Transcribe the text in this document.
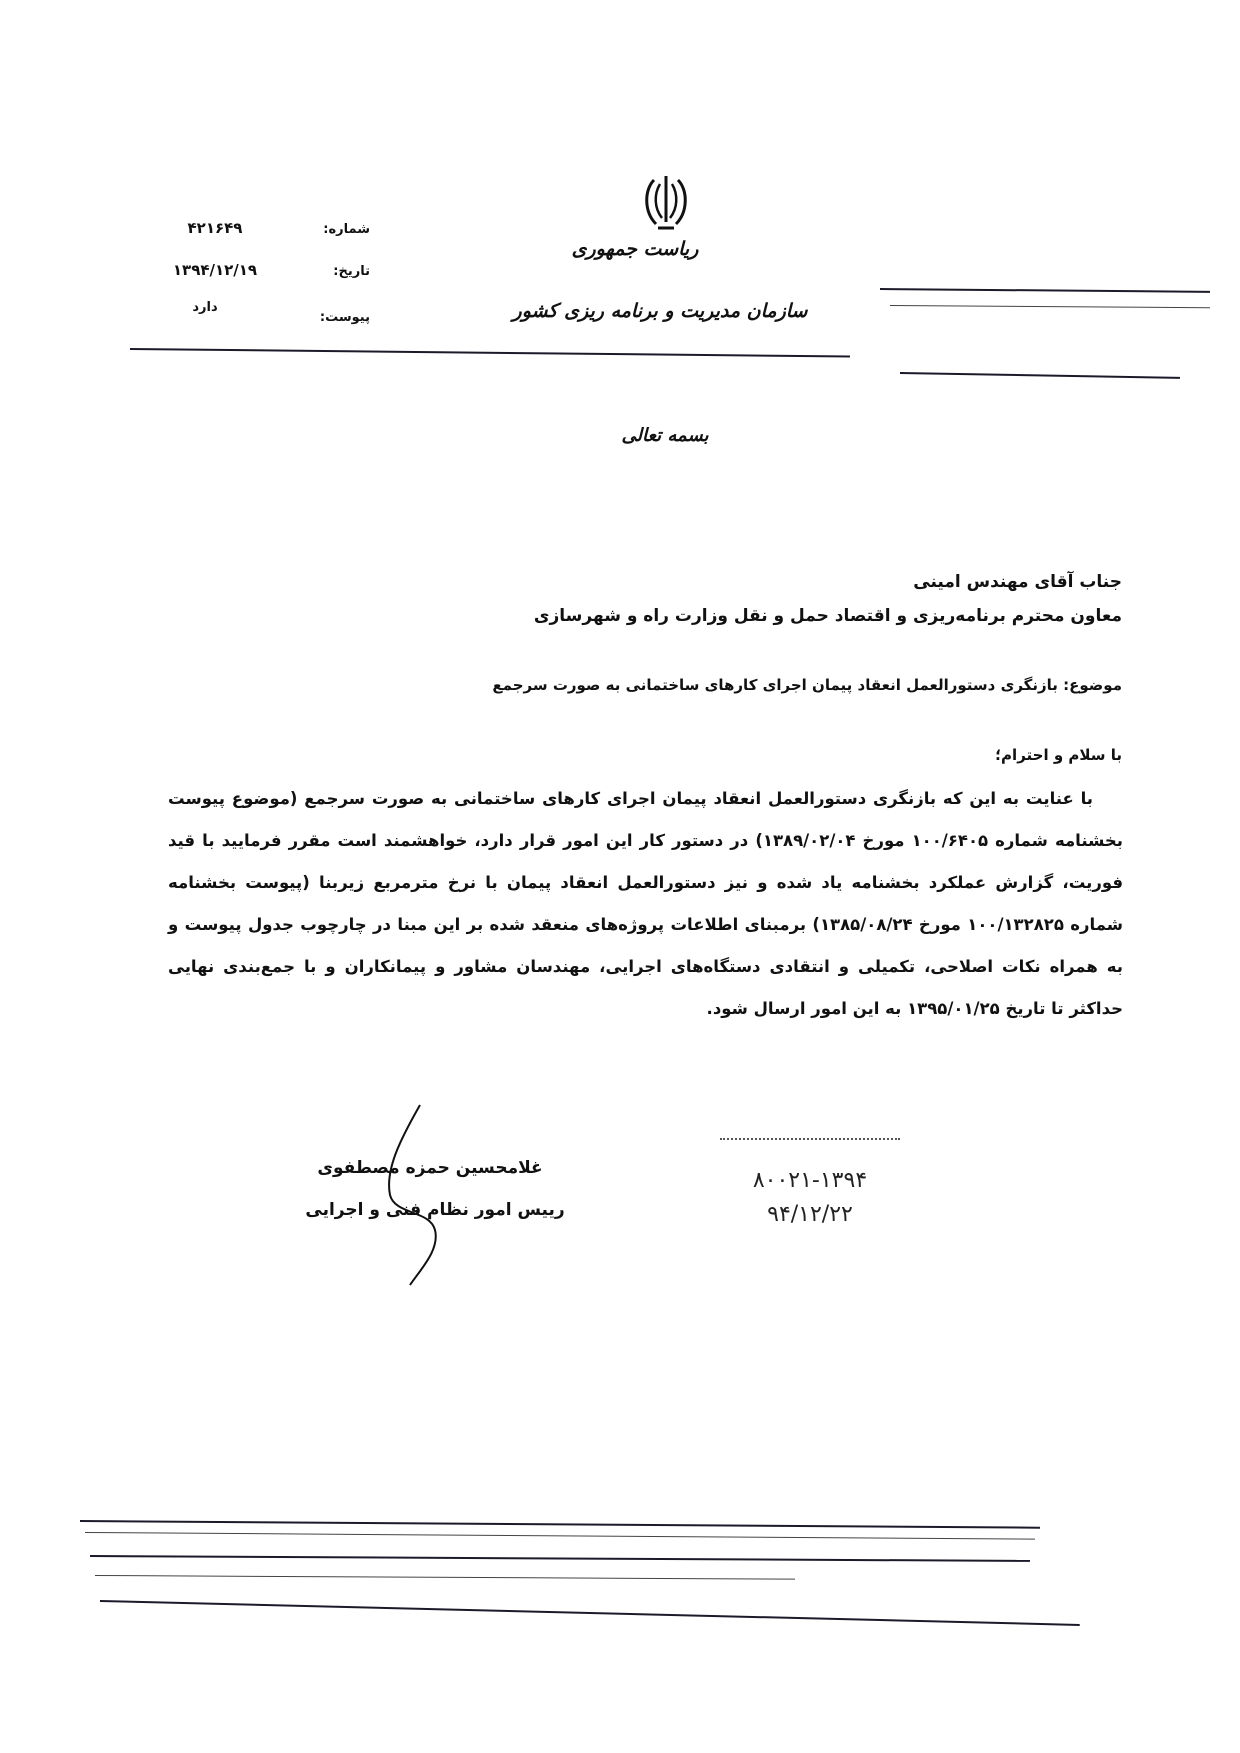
ریاست جمهوری
سازمان مدیریت و برنامه ریزی کشور
شماره:
۴۲۱۶۴۹
تاریخ:
۱۳۹۴/۱۲/۱۹
پیوست:
دارد
بسمه تعالی
جناب آقای مهندس امینی
معاون محترم برنامه‌ریزی و اقتصاد حمل و نقل وزارت راه و شهرسازی
موضوع: بازنگری دستورالعمل انعقاد پیمان اجرای کارهای ساختمانی به صورت سرجمع
با سلام و احترام؛
با عنایت به این که بازنگری دستورالعمل انعقاد پیمان اجرای کارهای ساختمانی به صورت سرجمع (موضوع پیوست بخشنامه شماره ۱۰۰/۶۴۰۵ مورخ ۱۳۸۹/۰۲/۰۴) در دستور کار این امور قرار دارد، خواهشمند است مقرر فرمایید با قید فوریت، گزارش عملکرد بخشنامه یاد شده و نیز دستورالعمل انعقاد پیمان با نرخ مترمربع زیربنا (پیوست بخشنامه شماره ۱۰۰/۱۳۲۸۲۵ مورخ ۱۳۸۵/۰۸/۲۴) برمبنای اطلاعات پروژه‌های منعقد شده بر این مبنا در چارچوب جدول پیوست و به همراه نکات اصلاحی، تکمیلی و انتقادی دستگاه‌های اجرایی، مهندسان مشاور و پیمانکاران و با جمع‌بندی نهایی حداکثر تا تاریخ ۱۳۹۵/۰۱/۲۵ به این امور ارسال شود.
غلامحسین حمزه مصطفوی
رییس امور نظام فنی و اجرایی
۸۰۰۲۱-۱۳۹۴
۹۴/۱۲/۲۲
